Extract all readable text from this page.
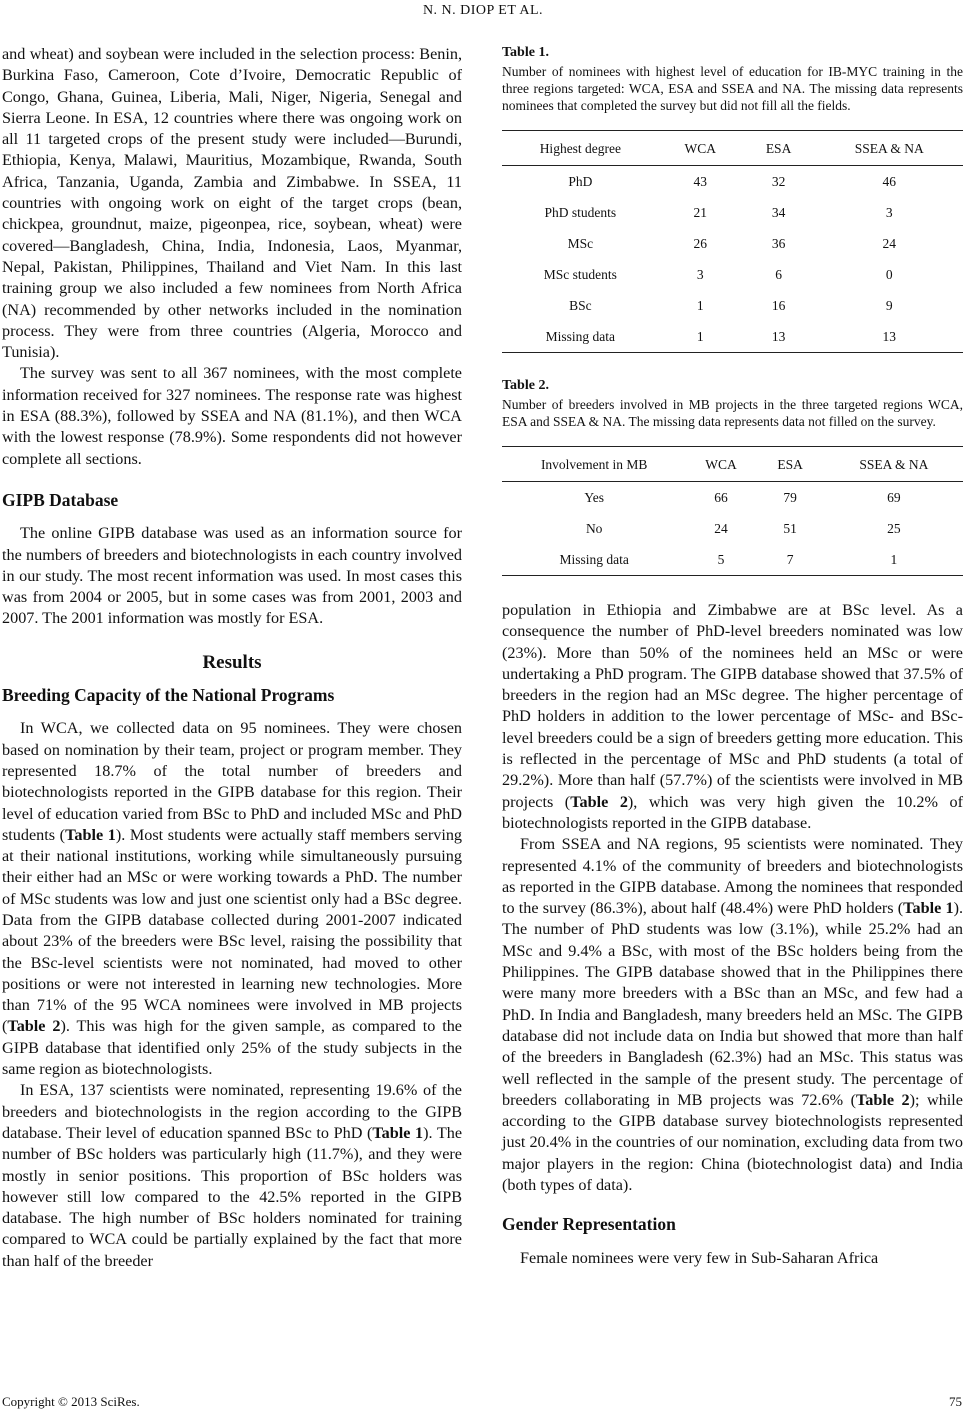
N. N. DIOP ET AL.

and wheat) and soybean were included in the selection process: Benin, Burkina Faso, Cameroon, Cote d’Ivoire, Democratic Republic of Congo, Ghana, Guinea, Liberia, Mali, Niger, Nigeria, Senegal and Sierra Leone. In ESA, 12 countries where there was ongoing work on all 11 targeted crops of the present study were included—Burundi, Ethiopia, Kenya, Malawi, Mauritius, Mozambique, Rwanda, South Africa, Tanzania, Uganda, Zambia and Zimbabwe. In SSEA, 11 countries with ongoing work on eight of the target crops (bean, chickpea, groundnut, maize, pigeonpea, rice, soybean, wheat) were covered—Bangladesh, China, India, Indonesia, Laos, Myanmar, Nepal, Pakistan, Philippines, Thailand and Viet Nam. In this last training group we also included a few nominees from North Africa (NA) recommended by other networks included in the nomination process. They were from three countries (Algeria, Morocco and Tunisia).

The survey was sent to all 367 nominees, with the most complete information received for 327 nominees. The response rate was highest in ESA (88.3%), followed by SSEA and NA (81.1%), and then WCA with the lowest response (78.9%). Some respondents did not however complete all sections.

GIPB Database

The online GIPB database was used as an information source for the numbers of breeders and biotechnologists in each country involved in our study. The most recent information was used. In most cases this was from 2004 or 2005, but in some cases was from 2001, 2003 and 2007. The 2001 information was mostly for ESA.

Results
Breeding Capacity of the National Programs

In WCA, we collected data on 95 nominees. They were chosen based on nomination by their team, project or program member. They represented 18.7% of the total number of breeders and biotechnologists reported in the GIPB database for this region. Their level of education varied from BSc to PhD and included MSc and PhD students (Table 1). Most students were actually staff members serving at their national institutions, working while simultaneously pursuing their either had an MSc or were working towards a PhD. The number of MSc students was low and just one scientist only had a BSc degree. Data from the GIPB database collected during 2001-2007 indicated about 23% of the breeders were BSc level, raising the possibility that the BSc-level scientists were not nominated, had moved to other positions or were not interested in learning new technologies. More than 71% of the 95 WCA nominees were involved in MB projects (Table 2). This was high for the given sample, as compared to the GIPB database that identified only 25% of the study subjects in the same region as biotechnologists.

In ESA, 137 scientists were nominated, representing 19.6% of the breeders and biotechnologists in the region according to the GIPB database. Their level of education spanned BSc to PhD (Table 1). The number of BSc holders was particularly high (11.7%), and they were mostly in senior positions. This proportion of BSc holders was however still low compared to the 42.5% reported in the GIPB database. The high number of BSc holders nominated for training compared to WCA could be partially explained by the fact that more than half of the breeder

Table 1.
Number of nominees with highest level of education for IB-MYC training in the three regions targeted: WCA, ESA and SSEA and NA. The missing data represents nominees that completed the survey but did not fill all the fields.
Highest degree	WCA	ESA	SSEA & NA
PhD	43	32	46
PhD students	21	34	3
MSc	26	36	24
MSc students	3	6	0
BSc	1	16	9
Missing data	1	13	13
Table 2.
Number of breeders involved in MB projects in the three targeted regions WCA, ESA and SSEA & NA. The missing data represents data not filled on the survey.
Involvement in MB	WCA	ESA	SSEA & NA
Yes	66	79	69
No	24	51	25
Missing data	5	7	1

population in Ethiopia and Zimbabwe are at BSc level. As a consequence the number of PhD-level breeders nominated was low (23%). More than 50% of the nominees held an MSc or were undertaking a PhD program. The GIPB database showed that 37.5% of breeders in the region had an MSc degree. The higher percentage of PhD holders in addition to the lower percentage of MSc- and BSc-level breeders could be a sign of breeders getting more education. This is reflected in the percentage of MSc and PhD students (a total of 29.2%). More than half (57.7%) of the scientists were involved in MB projects (Table 2), which was very high given the 10.2% of biotechnologists reported in the GIPB database.

From SSEA and NA regions, 95 scientists were nominated. They represented 4.1% of the community of breeders and biotechnologists as reported in the GIPB database. Among the nominees that responded to the survey (86.3%), about half (48.4%) were PhD holders (Table 1). The number of PhD students was low (3.1%), while 25.2% had an MSc and 9.4% a BSc, with most of the BSc holders being from the Philippines. The GIPB database showed that in the Philippines there were many more breeders with a BSc than an MSc, and few had a PhD. In India and Bangladesh, many breeders held an MSc. The GIPB database did not include data on India but showed that more than half of the breeders in Bangladesh (62.3%) had an MSc. This status was well reflected in the sample of the present study. The percentage of breeders collaborating in MB projects was 72.6% (Table 2); while according to the GIPB database survey biotechnologists represented just 20.4% in the countries of our nomination, excluding data from two major players in the region: China (biotechnologist data) and India (both types of data).

Gender Representation

Female nominees were very few in Sub-Saharan Africa

Copyright © 2013 SciRes.	75
